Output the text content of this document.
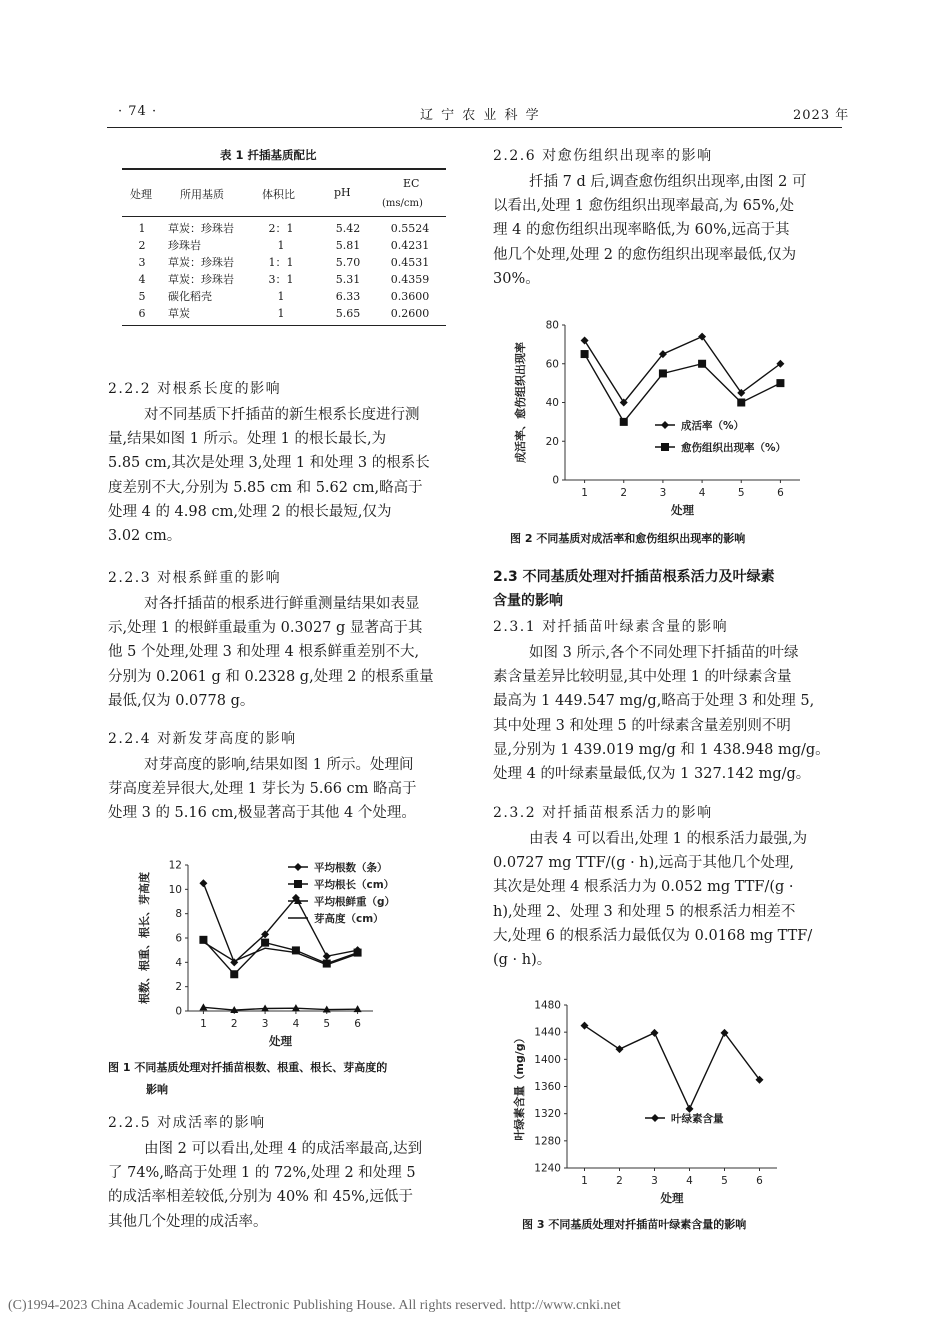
· 74 ·	辽 宁 农 业 科 学	2023 年
表 1 扦插基质配比
处理	所用基质	体积比	pH
EC
(ms/cm)
1	草炭：珍珠岩	2：1	5.42	0.5524
2	珍珠岩	1	5.81	0.4231
3	草炭：珍珠岩	1：1	5.70	0.4531
4	草炭：珍珠岩	3：1	5.31	0.4359
5	碳化稻壳	1	6.33	0.3600
6	草炭	1	5.65	0.2600
2.2.2 对根系长度的影响
对不同基质下扦插苗的新生根系长度进行测
量,结果如图 1 所示。处理 1 的根长最长,为
5.85 cm,其次是处理 3,处理 1 和处理 3 的根系长
度差别不大,分别为 5.85 cm 和 5.62 cm,略高于
处理 4 的 4.98 cm,处理 2 的根长最短,仅为
3.02 cm。
2.2.3 对根系鲜重的影响
对各扦插苗的根系进行鲜重测量结果如表显
示,处理 1 的根鲜重最重为 0.3027 g 显著高于其
他 5 个处理,处理 3 和处理 4 根系鲜重差别不大,
分别为 0.2061 g 和 0.2328 g,处理 2 的根系重量
最低,仅为 0.0778 g。
2.2.4 对新发芽高度的影响
对芽高度的影响,结果如图 1 所示。处理间
芽高度差异很大,处理 1 芽长为 5.66 cm 略高于
处理 3 的 5.16 cm,极显著高于其他 4 个处理。
0
2
4
6
8
10
12
1 2 3 4 5 6
处理
根数、根重、根长、芽高度
平均根数（条）
平均根长（cm）
平均根鲜重（g）
芽高度（cm）
图 1 不同基质处理对扦插苗根数、根重、根长、芽高度的
影响
2.2.5 对成活率的影响
由图 2 可以看出,处理 4 的成活率最高,达到
了 74%,略高于处理 1 的 72%,处理 2 和处理 5
的成活率相差较低,分别为 40% 和 45%,远低于
其他几个处理的成活率。
2.2.6 对愈伤组织出现率的影响
扦插 7 d 后,调查愈伤组织出现率,由图 2 可
以看出,处理 1 愈伤组织出现率最高,为 65%,处
理 4 的愈伤组织出现率略低,为 60%,远高于其
他几个处理,处理 2 的愈伤组织出现率最低,仅为
30%。
0
20
40
60
80
1	2	3	4	5	6
处理
成活率、愈伤组织出现率	成活率（%）
愈伤组织出现率（%）
图 2 不同基质对成活率和愈伤组织出现率的影响
2.3 不同基质处理对扦插苗根系活力及叶绿素
含量的影响
2.3.1 对扦插苗叶绿素含量的影响
如图 3 所示,各个不同处理下扦插苗的叶绿
素含量差异比较明显,其中处理 1 的叶绿素含量
最高为 1 449.547 mg/g,略高于处理 3 和处理 5,
其中处理 3 和处理 5 的叶绿素含量差别则不明
显,分别为 1 439.019 mg/g 和 1 438.948 mg/g。
处理 4 的叶绿素量最低,仅为 1 327.142 mg/g。
2.3.2 对扦插苗根系活力的影响
由表 4 可以看出,处理 1 的根系活力最强,为
0.0727 mg TTF/(g · h),远高于其他几个处理,
其次是处理 4 根系活力为 0.052 mg TTF/(g ·
h),处理 2、处理 3 和处理 5 的根系活力相差不
大,处理 6 的根系活力最低仅为 0.0168 mg TTF/
(g · h)。
1240
1280
1320
1360
1400
1440
1480
1	2	3	4	5	6
处理
叶绿素含量（mg/g）	叶绿素含量
图 3 不同基质处理对扦插苗叶绿素含量的影响
(C)1994-2023 China Academic Journal Electronic Publishing House. All rights reserved. http://www.cnki.net
